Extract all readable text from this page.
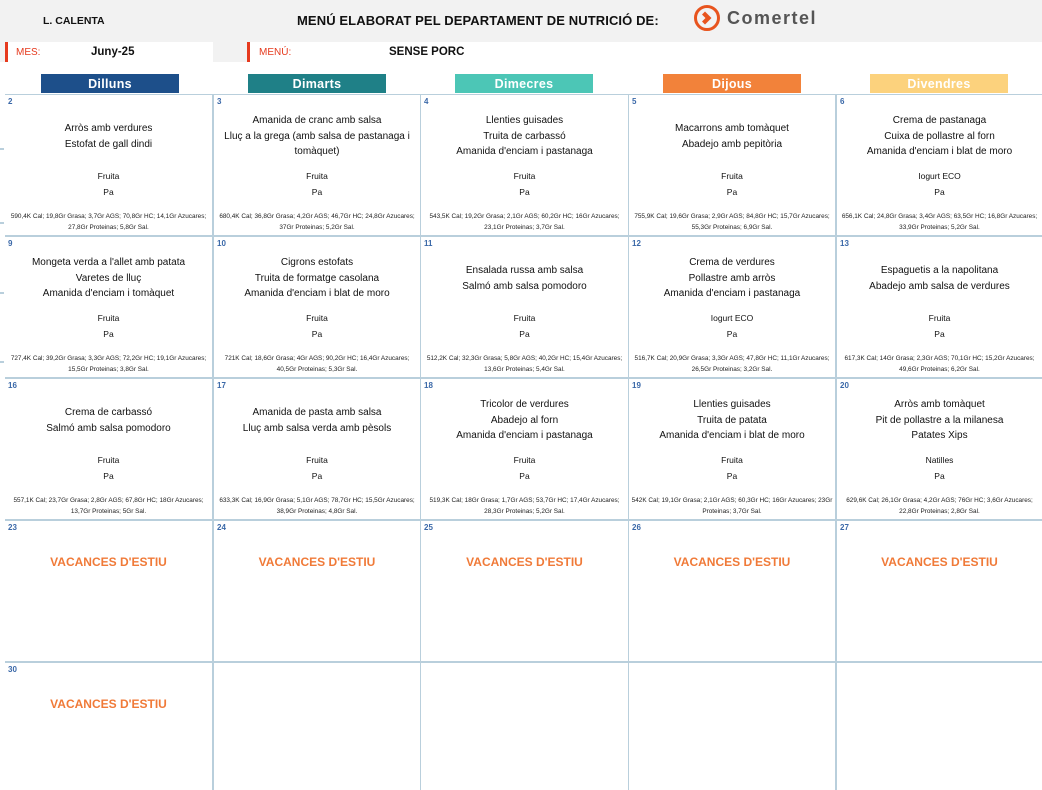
L. CALENTA	MENÚ ELABORAT PEL DEPARTAMENT DE NUTRICIÓ DE:	Comertel
MES:	Juny-25	MENÚ:	SENSE PORC
Dilluns	Dimarts	Dimecres	Dijous	Divendres
2
Arròs amb verdures
Estofat de gall dindi
Fruita
Pa
590,4K Cal; 19,8Gr Grasa; 3,7Gr AGS; 70,8Gr HC; 14,1Gr Azucares; 27,8Gr Proteinas; 5,8Gr Sal.
3
Amanida de cranc amb salsa
Lluç a la grega (amb salsa de pastanaga i tomàquet)
Fruita
Pa
680,4K Cal; 36,8Gr Grasa; 4,2Gr AGS; 46,7Gr HC; 24,8Gr Azucares; 37Gr Proteinas; 5,2Gr Sal.
4
Llenties guisades
Truita de carbassó
Amanida d'enciam i pastanaga
Fruita
Pa
543,5K Cal; 19,2Gr Grasa; 2,1Gr AGS; 60,2Gr HC; 16Gr Azucares; 23,1Gr Proteinas; 3,7Gr Sal.
5
Macarrons amb tomàquet
Abadejo amb pepitòria
Fruita
Pa
755,9K Cal; 19,6Gr Grasa; 2,9Gr AGS; 84,8Gr HC; 15,7Gr Azucares; 55,3Gr Proteinas; 6,9Gr Sal.
6
Crema de pastanaga
Cuixa de pollastre al forn
Amanida d'enciam i blat de moro
Iogurt ECO
Pa
656,1K Cal; 24,8Gr Grasa; 3,4Gr AGS; 63,5Gr HC; 16,8Gr Azucares; 33,9Gr Proteinas; 5,2Gr Sal.
9
Mongeta verda a l'allet amb patata
Varetes de lluç
Amanida d'enciam i tomàquet
Fruita
Pa
727,4K Cal; 39,2Gr Grasa; 3,3Gr AGS; 72,2Gr HC; 19,1Gr Azucares; 15,5Gr Proteinas; 3,8Gr Sal.
10
Cigrons estofats
Truita de formatge casolana
Amanida d'enciam i blat de moro
Fruita
Pa
721K Cal; 18,6Gr Grasa; 4Gr AGS; 90,2Gr HC; 16,4Gr Azucares; 40,5Gr Proteinas; 5,3Gr Sal.
11
Ensalada russa amb salsa
Salmó amb salsa pomodoro
Fruita
Pa
512,2K Cal; 32,3Gr Grasa; 5,8Gr AGS; 40,2Gr HC; 15,4Gr Azucares; 13,6Gr Proteinas; 5,4Gr Sal.
12
Crema de verdures
Pollastre amb arròs
Amanida d'enciam i pastanaga
Iogurt ECO
Pa
516,7K Cal; 20,9Gr Grasa; 3,3Gr AGS; 47,8Gr HC; 11,1Gr Azucares; 26,5Gr Proteinas; 3,2Gr Sal.
13
Espaguetis a la napolitana
Abadejo amb salsa de verdures
Fruita
Pa
617,3K Cal; 14Gr Grasa; 2,3Gr AGS; 70,1Gr HC; 15,2Gr Azucares; 49,6Gr Proteinas; 6,2Gr Sal.
16
Crema de carbassó
Salmó amb salsa pomodoro
Fruita
Pa
557,1K Cal; 23,7Gr Grasa; 2,8Gr AGS; 67,8Gr HC; 18Gr Azucares; 13,7Gr Proteinas; 5Gr Sal.
17
Amanida de pasta amb salsa
Lluç amb salsa verda amb pèsols
Fruita
Pa
633,3K Cal; 16,9Gr Grasa; 5,1Gr AGS; 78,7Gr HC; 15,5Gr Azucares; 38,9Gr Proteinas; 4,8Gr Sal.
18
Tricolor de verdures
Abadejo al forn
Amanida d'enciam i pastanaga
Fruita
Pa
519,3K Cal; 18Gr Grasa; 1,7Gr AGS; 53,7Gr HC; 17,4Gr Azucares; 28,3Gr Proteinas; 5,2Gr Sal.
19
Llenties guisades
Truita de patata
Amanida d'enciam i blat de moro
Fruita
Pa
542K Cal; 19,1Gr Grasa; 2,1Gr AGS; 60,3Gr HC; 16Gr Azucares; 23Gr Proteinas; 3,7Gr Sal.
20
Arròs amb tomàquet
Pit de pollastre a la milanesa
Patates Xips
Natilles
Pa
629,6K Cal; 26,1Gr Grasa; 4,2Gr AGS; 76Gr HC; 3,6Gr Azucares; 22,8Gr Proteinas; 2,8Gr Sal.
23
VACANCES D'ESTIU
24
VACANCES D'ESTIU
25
VACANCES D'ESTIU
26
VACANCES D'ESTIU
27
VACANCES D'ESTIU
30
VACANCES D'ESTIU
